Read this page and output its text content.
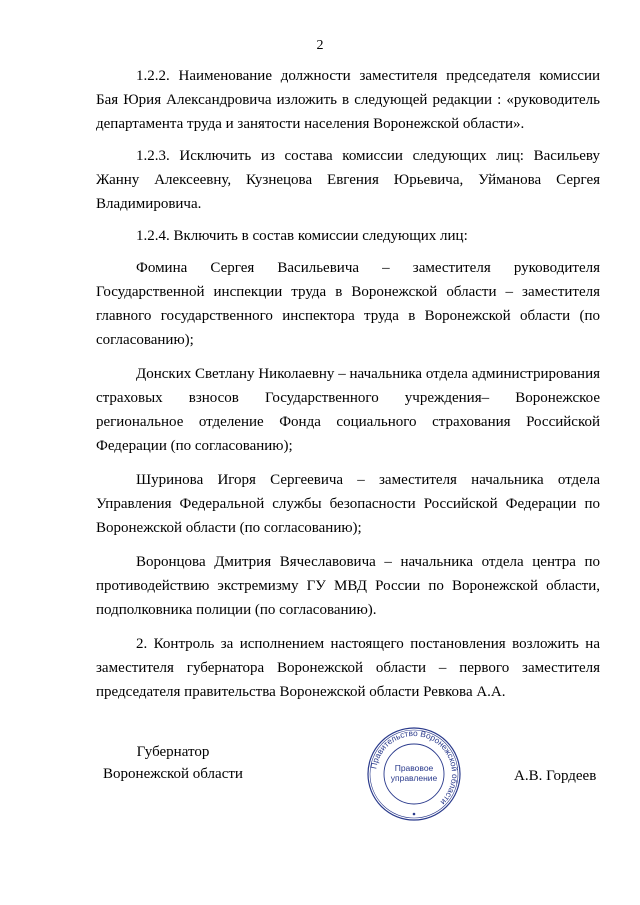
2

1.2.2. Наименование должности заместителя председателя комиссии Бая Юрия Александровича изложить в следующей редакции : «руководитель департамента труда и занятости населения Воронежской области».

1.2.3. Исключить из состава комиссии следующих лиц: Васильеву Жанну Алексеевну, Кузнецова Евгения Юрьевича, Уйманова Сергея Владимировича.

1.2.4. Включить в состав комиссии следующих лиц:

Фомина Сергея Васильевича – заместителя руководителя Государственной инспекции труда в Воронежской области – заместителя главного государственного инспектора труда в Воронежской области (по согласованию);

Донских Светлану Николаевну – начальника отдела администрирования страховых взносов Государственного учреждения– Воронежское региональное отделение Фонда социального страхования Российской Федерации (по согласованию);

Шуринова Игоря Сергеевича – заместителя начальника отдела Управления Федеральной службы безопасности Российской Федерации по Воронежской области (по согласованию);

Воронцова Дмитрия Вячеславовича – начальника отдела центра по противодействию экстремизму ГУ МВД России по Воронежской области, подполковника полиции (по согласованию).

2. Контроль за исполнением настоящего постановления возложить на заместителя губернатора Воронежской области – первого заместителя председателя правительства Воронежской области Ревкова А.А.

Губернатор
Воронежской области
Правительство Воронежской области
Правовое
управление	А.В. Гордеев
